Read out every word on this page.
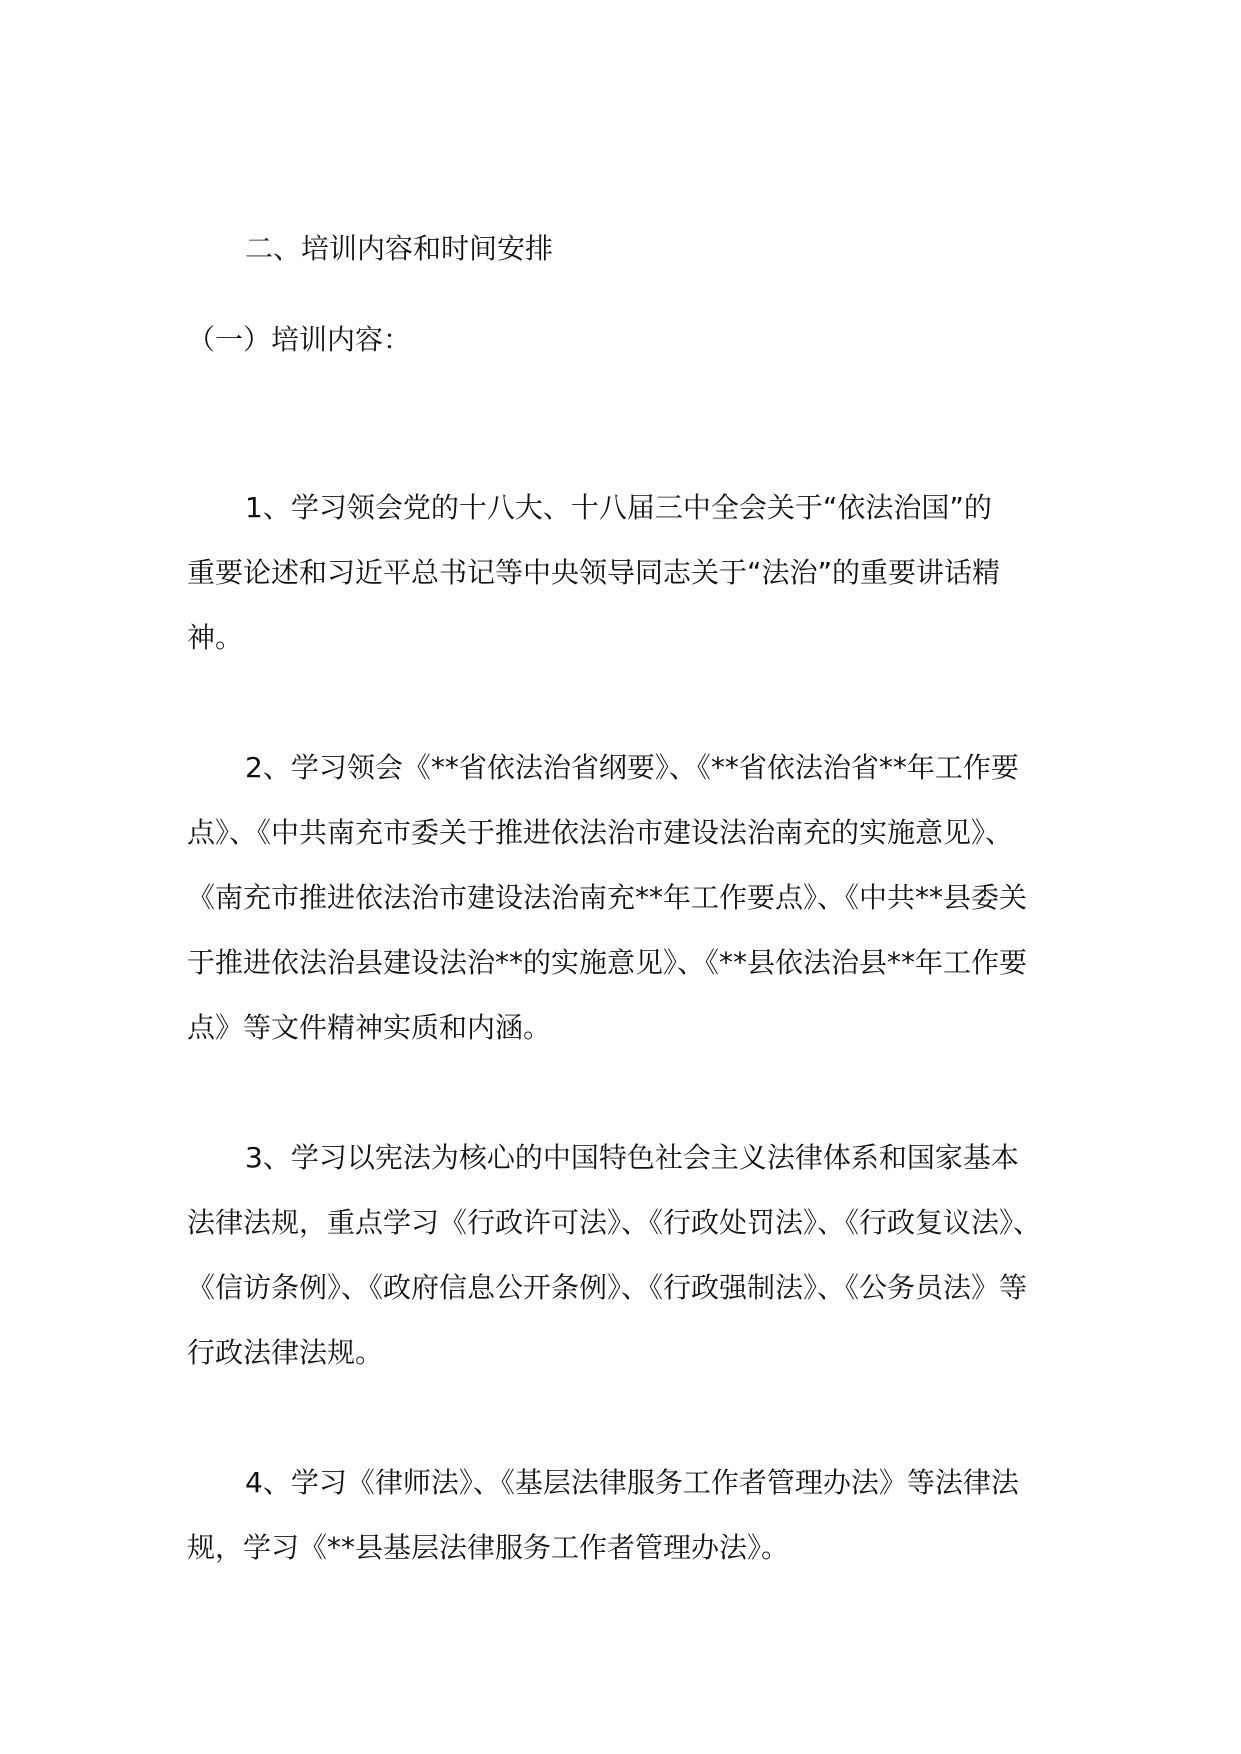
二、培训内容和时间安排

（一）培训内容：

1、学习领会党的十八大、十八届三中全会关于“依法治国”的

重要论述和习近平总书记等中央领导同志关于“法治”的重要讲话精

神。

2、学习领会《**省依法治省纲要》、《**省依法治省**年工作要

点》、《中共南充市委关于推进依法治市建设法治南充的实施意见》、

《南充市推进依法治市建设法治南充**年工作要点》、《中共**县委关

于推进依法治县建设法治**的实施意见》、《**县依法治县**年工作要

点》等文件精神实质和内涵。

3、学习以宪法为核心的中国特色社会主义法律体系和国家基本

法律法规，重点学习《行政许可法》、《行政处罚法》、《行政复议法》、

《信访条例》、《政府信息公开条例》、《行政强制法》、《公务员法》等

行政法律法规。

4、学习《律师法》、《基层法律服务工作者管理办法》等法律法

规，学习《**县基层法律服务工作者管理办法》。
